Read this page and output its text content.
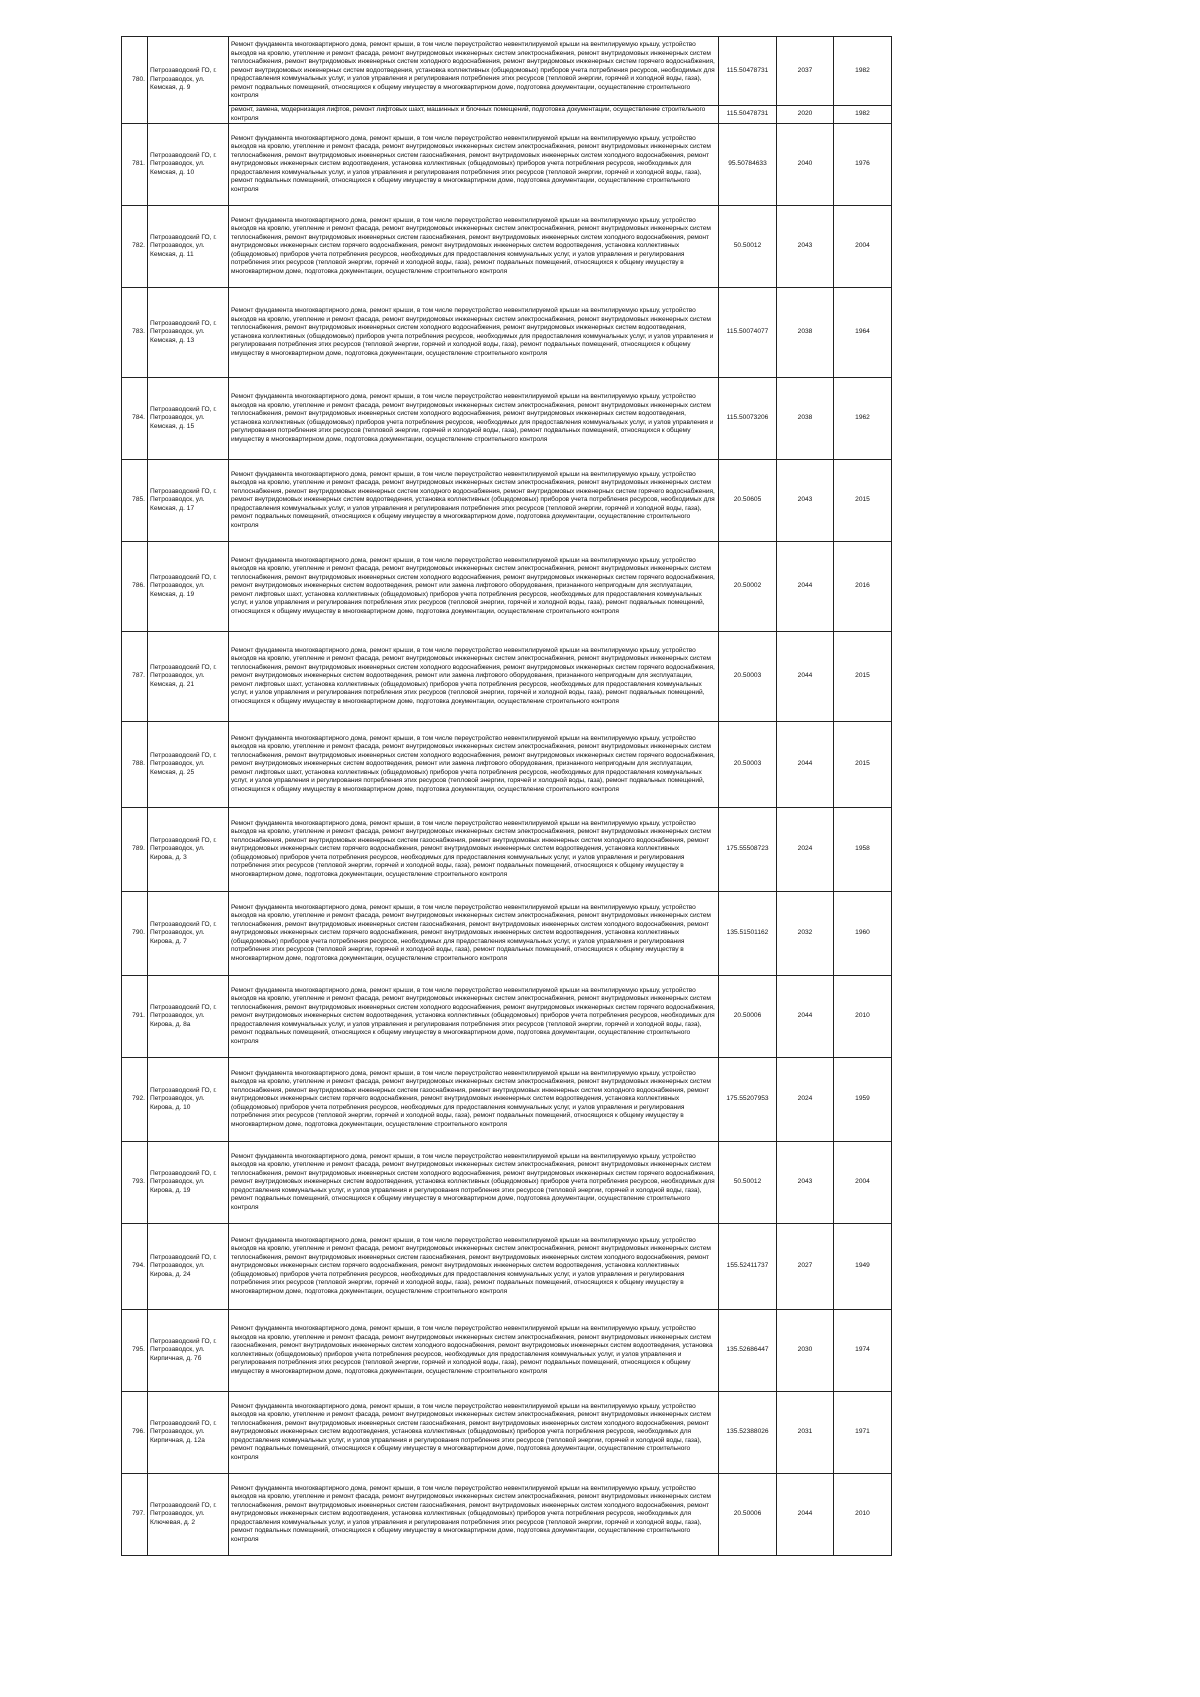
780.	Петрозаводский ГО, г. Петрозаводск, ул. Кемская, д. 9	Ремонт фундамента многоквартирного дома, ремонт крыши, в том числе переустройство невентилируемой крыши на вентилируемую крышу, устройство выходов на кровлю, утепление и ремонт фасада, ремонт внутридомовых инженерных систем электроснабжения, ремонт внутридомовых инженерных систем теплоснабжения, ремонт внутридомовых инженерных систем холодного водоснабжения, ремонт внутридомовых инженерных систем горячего водоснабжения, ремонт внутридомовых инженерных систем водоотведения, установка коллективных (общедомовых) приборов учета потребления ресурсов, необходимых для предоставления коммунальных услуг, и узлов управления и регулирования потребления этих ресурсов (тепловой энергии, горячей и холодной воды, газа), ремонт подвальных помещений, относящихся к общему имуществу в многоквартирном доме, подготовка документации, осуществление строительного контроля	115.50478731	2037	1982
		ремонт, замена, модернизация лифтов, ремонт лифтовых шахт, машинных и блочных помещений, подготовка документации, осуществление строительного контроля	115.50478731	2020	1982
781.	Петрозаводский ГО, г. Петрозаводск, ул. Кемская, д. 10	Ремонт фундамента многоквартирного дома, ремонт крыши, в том числе переустройство невентилируемой крыши на вентилируемую крышу, устройство выходов на кровлю, утепление и ремонт фасада, ремонт внутридомовых инженерных систем электроснабжения, ремонт внутридомовых инженерных систем теплоснабжения, ремонт внутридомовых инженерных систем газоснабжения, ремонт внутридомовых инженерных систем холодного водоснабжения, ремонт внутридомовых инженерных систем водоотведения, установка коллективных (общедомовых) приборов учета потребления ресурсов, необходимых для предоставления коммунальных услуг, и узлов управления и регулирования потребления этих ресурсов (тепловой энергии, горячей и холодной воды, газа), ремонт подвальных помещений, относящихся к общему имуществу в многоквартирном доме, подготовка документации, осуществление строительного контроля	95.50784633	2040	1976
782.	Петрозаводский ГО, г. Петрозаводск, ул. Кемская, д. 11	Ремонт фундамента многоквартирного дома, ремонт крыши, в том числе переустройство невентилируемой крыши на вентилируемую крышу, устройство выходов на кровлю, утепление и ремонт фасада, ремонт внутридомовых инженерных систем электроснабжения, ремонт внутридомовых инженерных систем теплоснабжения, ремонт внутридомовых инженерных систем газоснабжения, ремонт внутридомовых инженерных систем холодного водоснабжения, ремонт внутридомовых инженерных систем горячего водоснабжения, ремонт внутридомовых инженерных систем водоотведения, установка коллективных (общедомовых) приборов учета потребления ресурсов, необходимых для предоставления коммунальных услуг, и узлов управления и регулирования потребления этих ресурсов (тепловой энергии, горячей и холодной воды, газа), ремонт подвальных помещений, относящихся к общему имуществу в многоквартирном доме, подготовка документации, осуществление строительного контроля	50.50012	2043	2004
783.	Петрозаводский ГО, г. Петрозаводск, ул. Кемская, д. 13	Ремонт фундамента многоквартирного дома, ремонт крыши, в том числе переустройство невентилируемой крыши на вентилируемую крышу, устройство выходов на кровлю, утепление и ремонт фасада, ремонт внутридомовых инженерных систем электроснабжения, ремонт внутридомовых инженерных систем теплоснабжения, ремонт внутридомовых инженерных систем холодного водоснабжения, ремонт внутридомовых инженерных систем водоотведения, установка коллективных (общедомовых) приборов учета потребления ресурсов, необходимых для предоставления коммунальных услуг, и узлов управления и регулирования потребления этих ресурсов (тепловой энергии, горячей и холодной воды, газа), ремонт подвальных помещений, относящихся к общему имуществу в многоквартирном доме, подготовка документации, осуществление строительного контроля	115.50074077	2038	1964
784.	Петрозаводский ГО, г. Петрозаводск, ул. Кемская, д. 15	Ремонт фундамента многоквартирного дома, ремонт крыши, в том числе переустройство невентилируемой крыши на вентилируемую крышу, устройство выходов на кровлю, утепление и ремонт фасада, ремонт внутридомовых инженерных систем электроснабжения, ремонт внутридомовых инженерных систем теплоснабжения, ремонт внутридомовых инженерных систем холодного водоснабжения, ремонт внутридомовых инженерных систем водоотведения, установка коллективных (общедомовых) приборов учета потребления ресурсов, необходимых для предоставления коммунальных услуг, и узлов управления и регулирования потребления этих ресурсов (тепловой энергии, горячей и холодной воды, газа), ремонт подвальных помещений, относящихся к общему имуществу в многоквартирном доме, подготовка документации, осуществление строительного контроля	115.50073206	2038	1962
785.	Петрозаводский ГО, г. Петрозаводск, ул. Кемская, д. 17	Ремонт фундамента многоквартирного дома, ремонт крыши, в том числе переустройство невентилируемой крыши на вентилируемую крышу, устройство выходов на кровлю, утепление и ремонт фасада, ремонт внутридомовых инженерных систем электроснабжения, ремонт внутридомовых инженерных систем теплоснабжения, ремонт внутридомовых инженерных систем холодного водоснабжения, ремонт внутридомовых инженерных систем горячего водоснабжения, ремонт внутридомовых инженерных систем водоотведения, установка коллективных (общедомовых) приборов учета потребления ресурсов, необходимых для предоставления коммунальных услуг, и узлов управления и регулирования потребления этих ресурсов (тепловой энергии, горячей и холодной воды, газа), ремонт подвальных помещений, относящихся к общему имуществу в многоквартирном доме, подготовка документации, осуществление строительного контроля	20.50605	2043	2015
786.	Петрозаводский ГО, г. Петрозаводск, ул. Кемская, д. 19	Ремонт фундамента многоквартирного дома, ремонт крыши, в том числе переустройство невентилируемой крыши на вентилируемую крышу, устройство выходов на кровлю, утепление и ремонт фасада, ремонт внутридомовых инженерных систем электроснабжения, ремонт внутридомовых инженерных систем теплоснабжения, ремонт внутридомовых инженерных систем холодного водоснабжения, ремонт внутридомовых инженерных систем горячего водоснабжения, ремонт внутридомовых инженерных систем водоотведения, ремонт или замена лифтового оборудования, признанного непригодным для эксплуатации, ремонт лифтовых шахт, установка коллективных (общедомовых) приборов учета потребления ресурсов, необходимых для предоставления коммунальных услуг, и узлов управления и регулирования потребления этих ресурсов (тепловой энергии, горячей и холодной воды, газа), ремонт подвальных помещений, относящихся к общему имуществу в многоквартирном доме, подготовка документации, осуществление строительного контроля	20.50002	2044	2016
787.	Петрозаводский ГО, г. Петрозаводск, ул. Кемская, д. 21	Ремонт фундамента многоквартирного дома, ремонт крыши, в том числе переустройство невентилируемой крыши на вентилируемую крышу, устройство выходов на кровлю, утепление и ремонт фасада, ремонт внутридомовых инженерных систем электроснабжения, ремонт внутридомовых инженерных систем теплоснабжения, ремонт внутридомовых инженерных систем холодного водоснабжения, ремонт внутридомовых инженерных систем горячего водоснабжения, ремонт внутридомовых инженерных систем водоотведения, ремонт или замена лифтового оборудования, признанного непригодным для эксплуатации, ремонт лифтовых шахт, установка коллективных (общедомовых) приборов учета потребления ресурсов, необходимых для предоставления коммунальных услуг, и узлов управления и регулирования потребления этих ресурсов (тепловой энергии, горячей и холодной воды, газа), ремонт подвальных помещений, относящихся к общему имуществу в многоквартирном доме, подготовка документации, осуществление строительного контроля	20.50003	2044	2015
788.	Петрозаводский ГО, г. Петрозаводск, ул. Кемская, д. 25	Ремонт фундамента многоквартирного дома, ремонт крыши, в том числе переустройство невентилируемой крыши на вентилируемую крышу, устройство выходов на кровлю, утепление и ремонт фасада, ремонт внутридомовых инженерных систем электроснабжения, ремонт внутридомовых инженерных систем теплоснабжения, ремонт внутридомовых инженерных систем холодного водоснабжения, ремонт внутридомовых инженерных систем горячего водоснабжения, ремонт внутридомовых инженерных систем водоотведения, ремонт или замена лифтового оборудования, признанного непригодным для эксплуатации, ремонт лифтовых шахт, установка коллективных (общедомовых) приборов учета потребления ресурсов, необходимых для предоставления коммунальных услуг, и узлов управления и регулирования потребления этих ресурсов (тепловой энергии, горячей и холодной воды, газа), ремонт подвальных помещений, относящихся к общему имуществу в многоквартирном доме, подготовка документации, осуществление строительного контроля	20.50003	2044	2015
789.	Петрозаводский ГО, г. Петрозаводск, ул. Кирова, д. 3	Ремонт фундамента многоквартирного дома, ремонт крыши, в том числе переустройство невентилируемой крыши на вентилируемую крышу, устройство выходов на кровлю, утепление и ремонт фасада, ремонт внутридомовых инженерных систем электроснабжения, ремонт внутридомовых инженерных систем теплоснабжения, ремонт внутридомовых инженерных систем газоснабжения, ремонт внутридомовых инженерных систем холодного водоснабжения, ремонт внутридомовых инженерных систем горячего водоснабжения, ремонт внутридомовых инженерных систем водоотведения, установка коллективных (общедомовых) приборов учета потребления ресурсов, необходимых для предоставления коммунальных услуг, и узлов управления и регулирования потребления этих ресурсов (тепловой энергии, горячей и холодной воды, газа), ремонт подвальных помещений, относящихся к общему имуществу в многоквартирном доме, подготовка документации, осуществление строительного контроля	175.55508723	2024	1958
790.	Петрозаводский ГО, г. Петрозаводск, ул. Кирова, д. 7	Ремонт фундамента многоквартирного дома, ремонт крыши, в том числе переустройство невентилируемой крыши на вентилируемую крышу, устройство выходов на кровлю, утепление и ремонт фасада, ремонт внутридомовых инженерных систем электроснабжения, ремонт внутридомовых инженерных систем теплоснабжения, ремонт внутридомовых инженерных систем газоснабжения, ремонт внутридомовых инженерных систем холодного водоснабжения, ремонт внутридомовых инженерных систем горячего водоснабжения, ремонт внутридомовых инженерных систем водоотведения, установка коллективных (общедомовых) приборов учета потребления ресурсов, необходимых для предоставления коммунальных услуг, и узлов управления и регулирования потребления этих ресурсов (тепловой энергии, горячей и холодной воды, газа), ремонт подвальных помещений, относящихся к общему имуществу в многоквартирном доме, подготовка документации, осуществление строительного контроля	135.51501162	2032	1960
791.	Петрозаводский ГО, г. Петрозаводск, ул. Кирова, д. 8а	Ремонт фундамента многоквартирного дома, ремонт крыши, в том числе переустройство невентилируемой крыши на вентилируемую крышу, устройство выходов на кровлю, утепление и ремонт фасада, ремонт внутридомовых инженерных систем электроснабжения, ремонт внутридомовых инженерных систем теплоснабжения, ремонт внутридомовых инженерных систем холодного водоснабжения, ремонт внутридомовых инженерных систем горячего водоснабжения, ремонт внутридомовых инженерных систем водоотведения, установка коллективных (общедомовых) приборов учета потребления ресурсов, необходимых для предоставления коммунальных услуг, и узлов управления и регулирования потребления этих ресурсов (тепловой энергии, горячей и холодной воды, газа), ремонт подвальных помещений, относящихся к общему имуществу в многоквартирном доме, подготовка документации, осуществление строительного контроля	20.50006	2044	2010
792.	Петрозаводский ГО, г. Петрозаводск, ул. Кирова, д. 10	Ремонт фундамента многоквартирного дома, ремонт крыши, в том числе переустройство невентилируемой крыши на вентилируемую крышу, устройство выходов на кровлю, утепление и ремонт фасада, ремонт внутридомовых инженерных систем электроснабжения, ремонт внутридомовых инженерных систем теплоснабжения, ремонт внутридомовых инженерных систем газоснабжения, ремонт внутридомовых инженерных систем холодного водоснабжения, ремонт внутридомовых инженерных систем горячего водоснабжения, ремонт внутридомовых инженерных систем водоотведения, установка коллективных (общедомовых) приборов учета потребления ресурсов, необходимых для предоставления коммунальных услуг, и узлов управления и регулирования потребления этих ресурсов (тепловой энергии, горячей и холодной воды, газа), ремонт подвальных помещений, относящихся к общему имуществу в многоквартирном доме, подготовка документации, осуществление строительного контроля	175.55207953	2024	1959
793.	Петрозаводский ГО, г. Петрозаводск, ул. Кирова, д. 19	Ремонт фундамента многоквартирного дома, ремонт крыши, в том числе переустройство невентилируемой крыши на вентилируемую крышу, устройство выходов на кровлю, утепление и ремонт фасада, ремонт внутридомовых инженерных систем электроснабжения, ремонт внутридомовых инженерных систем теплоснабжения, ремонт внутридомовых инженерных систем холодного водоснабжения, ремонт внутридомовых инженерных систем горячего водоснабжения, ремонт внутридомовых инженерных систем водоотведения, установка коллективных (общедомовых) приборов учета потребления ресурсов, необходимых для предоставления коммунальных услуг, и узлов управления и регулирования потребления этих ресурсов (тепловой энергии, горячей и холодной воды, газа), ремонт подвальных помещений, относящихся к общему имуществу в многоквартирном доме, подготовка документации, осуществление строительного контроля	50.50012	2043	2004
794.	Петрозаводский ГО, г. Петрозаводск, ул. Кирова, д. 24	Ремонт фундамента многоквартирного дома, ремонт крыши, в том числе переустройство невентилируемой крыши на вентилируемую крышу, устройство выходов на кровлю, утепление и ремонт фасада, ремонт внутридомовых инженерных систем электроснабжения, ремонт внутридомовых инженерных систем теплоснабжения, ремонт внутридомовых инженерных систем газоснабжения, ремонт внутридомовых инженерных систем холодного водоснабжения, ремонт внутридомовых инженерных систем горячего водоснабжения, ремонт внутридомовых инженерных систем водоотведения, установка коллективных (общедомовых) приборов учета потребления ресурсов, необходимых для предоставления коммунальных услуг, и узлов управления и регулирования потребления этих ресурсов (тепловой энергии, горячей и холодной воды, газа), ремонт подвальных помещений, относящихся к общему имуществу в многоквартирном доме, подготовка документации, осуществление строительного контроля	155.52411737	2027	1949
795.	Петрозаводский ГО, г. Петрозаводск, ул. Кирпичная, д. 7б	Ремонт фундамента многоквартирного дома, ремонт крыши, в том числе переустройство невентилируемой крыши на вентилируемую крышу, устройство выходов на кровлю, утепление и ремонт фасада, ремонт внутридомовых инженерных систем электроснабжения, ремонт внутридомовых инженерных систем газоснабжения, ремонт внутридомовых инженерных систем холодного водоснабжения, ремонт внутридомовых инженерных систем водоотведения, установка коллективных (общедомовых) приборов учета потребления ресурсов, необходимых для предоставления коммунальных услуг, и узлов управления и регулирования потребления этих ресурсов (тепловой энергии, горячей и холодной воды, газа), ремонт подвальных помещений, относящихся к общему имуществу в многоквартирном доме, подготовка документации, осуществление строительного контроля	135.52686447	2030	1974
796.	Петрозаводский ГО, г. Петрозаводск, ул. Кирпичная, д. 12а	Ремонт фундамента многоквартирного дома, ремонт крыши, в том числе переустройство невентилируемой крыши на вентилируемую крышу, устройство выходов на кровлю, утепление и ремонт фасада, ремонт внутридомовых инженерных систем электроснабжения, ремонт внутридомовых инженерных систем теплоснабжения, ремонт внутридомовых инженерных систем газоснабжения, ремонт внутридомовых инженерных систем холодного водоснабжения, ремонт внутридомовых инженерных систем водоотведения, установка коллективных (общедомовых) приборов учета потребления ресурсов, необходимых для предоставления коммунальных услуг, и узлов управления и регулирования потребления этих ресурсов (тепловой энергии, горячей и холодной воды, газа), ремонт подвальных помещений, относящихся к общему имуществу в многоквартирном доме, подготовка документации, осуществление строительного контроля	135.52388026	2031	1971
797.	Петрозаводский ГО, г. Петрозаводск, ул. Ключевая, д. 2	Ремонт фундамента многоквартирного дома, ремонт крыши, в том числе переустройство невентилируемой крыши на вентилируемую крышу, устройство выходов на кровлю, утепление и ремонт фасада, ремонт внутридомовых инженерных систем электроснабжения, ремонт внутридомовых инженерных систем теплоснабжения, ремонт внутридомовых инженерных систем газоснабжения, ремонт внутридомовых инженерных систем холодного водоснабжения, ремонт внутридомовых инженерных систем водоотведения, установка коллективных (общедомовых) приборов учета потребления ресурсов, необходимых для предоставления коммунальных услуг, и узлов управления и регулирования потребления этих ресурсов (тепловой энергии, горячей и холодной воды, газа), ремонт подвальных помещений, относящихся к общему имуществу в многоквартирном доме, подготовка документации, осуществление строительного контроля	20.50006	2044	2010
